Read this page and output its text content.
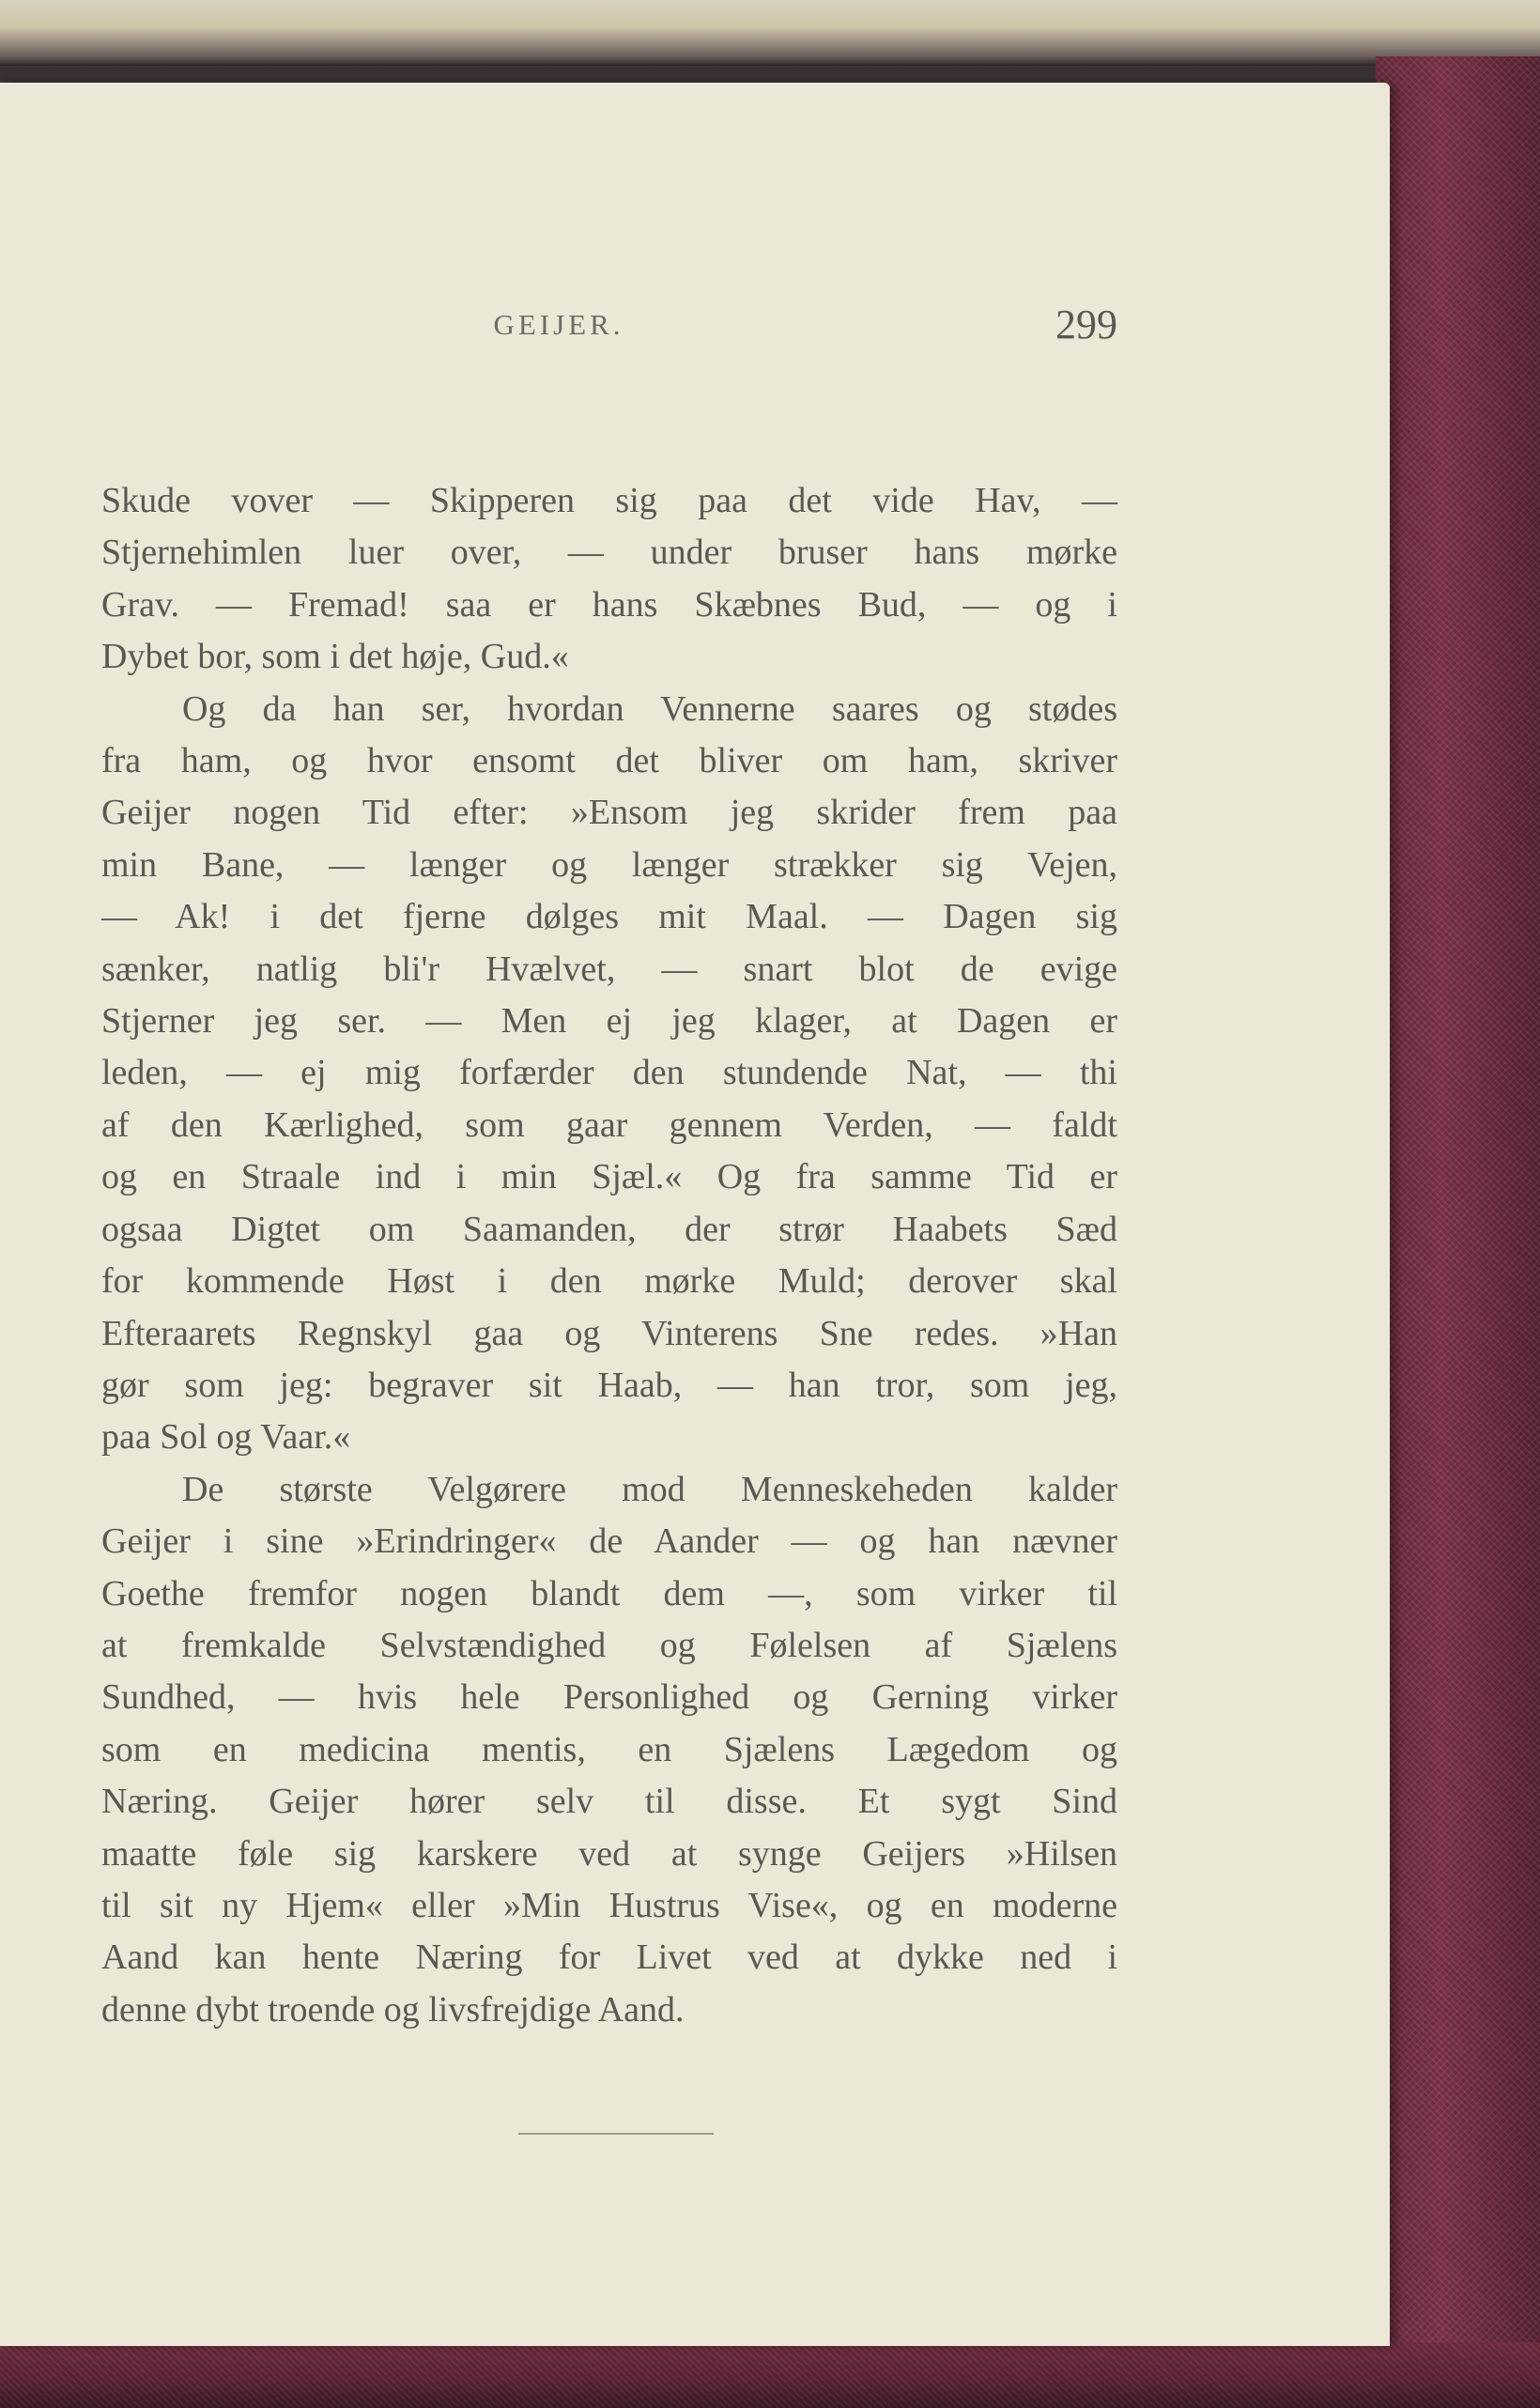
GEIJER.	299

Skude vover — Skipperen sig paa det vide Hav, —
Stjernehimlen luer over, — under bruser hans mørke
Grav. — Fremad! saa er hans Skæbnes Bud, — og i
Dybet bor, som i det høje, Gud.«

Og da han ser, hvordan Vennerne saares og stødes
fra ham, og hvor ensomt det bliver om ham, skriver
Geijer nogen Tid efter: »Ensom jeg skrider frem paa
min Bane, — længer og længer strækker sig Vejen,
— Ak! i det fjerne dølges mit Maal. — Dagen sig
sænker, natlig bli'r Hvælvet, — snart blot de evige
Stjerner jeg ser. — Men ej jeg klager, at Dagen er
leden, — ej mig forfærder den stundende Nat, — thi
af den Kærlighed, som gaar gennem Verden, — faldt
og en Straale ind i min Sjæl.« Og fra samme Tid er
ogsaa Digtet om Saamanden, der strør Haabets Sæd
for kommende Høst i den mørke Muld; derover skal
Efteraarets Regnskyl gaa og Vinterens Sne redes. »Han
gør som jeg: begraver sit Haab, — han tror, som jeg,
paa Sol og Vaar.«

De største Velgørere mod Menneskeheden kalder
Geijer i sine »Erindringer« de Aander — og han nævner
Goethe fremfor nogen blandt dem —, som virker til
at fremkalde Selvstændighed og Følelsen af Sjælens
Sundhed, — hvis hele Personlighed og Gerning virker
som en medicina mentis, en Sjælens Lægedom og
Næring. Geijer hører selv til disse. Et sygt Sind
maatte føle sig karskere ved at synge Geijers »Hilsen
til sit ny Hjem« eller »Min Hustrus Vise«, og en moderne
Aand kan hente Næring for Livet ved at dykke ned i
denne dybt troende og livsfrejdige Aand.
